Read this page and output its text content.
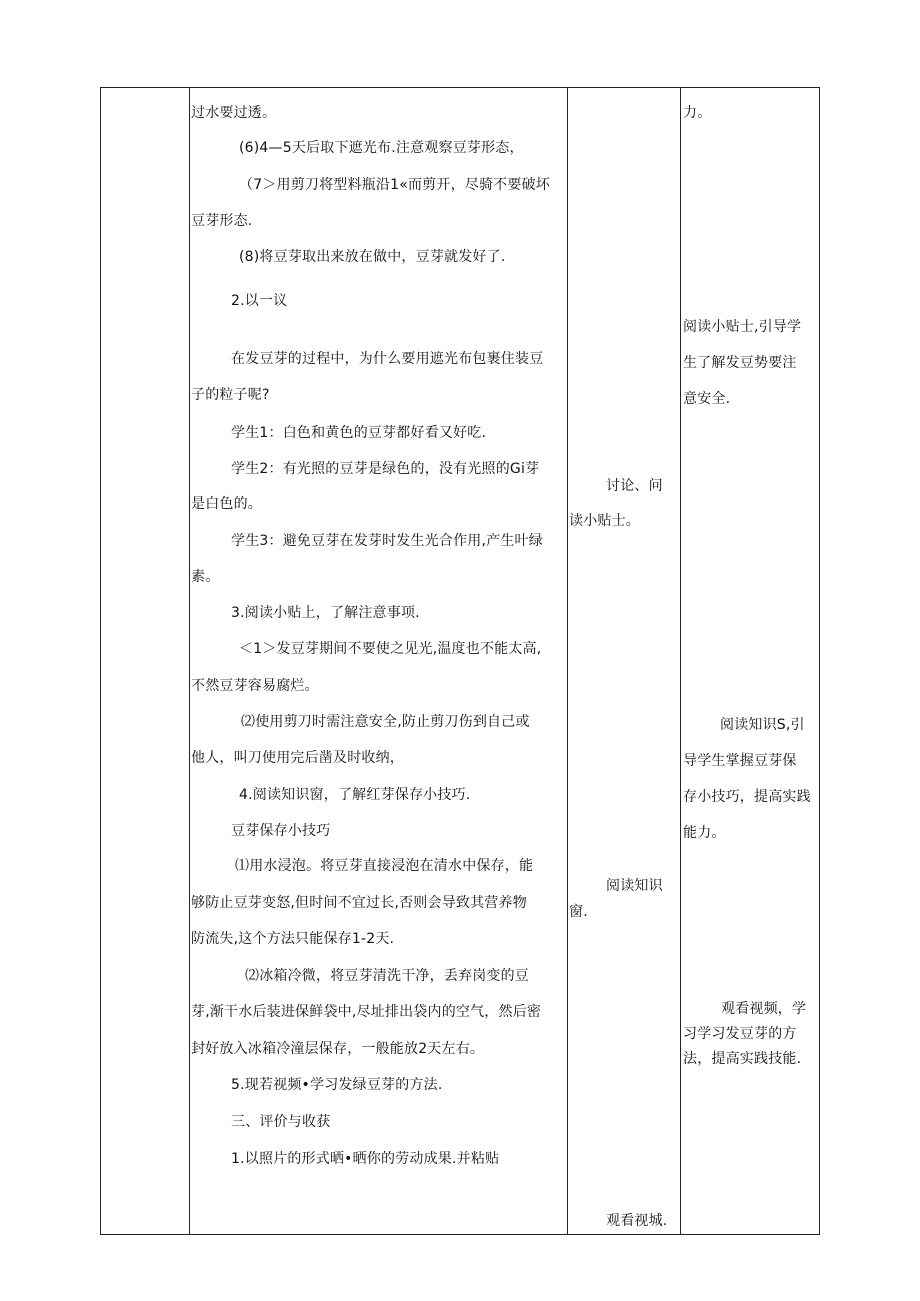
过水要过透。
(6)4—5天后取下遮光布.注意观察豆芽形态，
（7＞用剪刀将型料瓶沿1«而剪开，尽骑不要破坏
豆芽形态.
(8)将豆芽取出来放在做中，豆芽就发好了.
2.以一议
在发豆芽的过程中，为什么要用遮光布包裹住装豆
子的粒子呢?
学生1：白色和黄色的豆芽都好看又好吃.
学生2：有光照的豆芽是绿色的，没有光照的Gi芽
是白色的。
学生3：避免豆芽在发芽时发生光合作用,产生叶绿
素。
3.阅读小贴上，了解注意事项.
＜1＞发豆芽期间不要使之见光,温度也不能太高,
不然豆芽容易腐烂。
⑵使用剪刀时需注意安全,防止剪刀伤到自己或
他人，叫刀使用完后凿及时收纳，
4.阅读知识窗，了解红芽保存小技巧.
豆芽保存小技巧
⑴用水浸泡。将豆芽直接浸泡在清水中保存，能
够防止豆芽变怒,但时间不宜过长,否则会导致其营养物
防流失,这个方法只能保存1-2天.
⑵冰箱冷微，将豆芽清洗干净，丢弃岗变的豆
芽,渐干水后装进保鲜袋中,尽址排出袋内的空气，然后密
封好放入冰箱冷潼层保存，一般能放2天左右。
5.现若视频•学习发绿豆芽的方法.
三、评价与收获
1.以照片的形式晒•晒你的劳动成果.并粘贴
讨论、问
读小贴士。
阅读知识
窗.
观看视城.
力。
阅读小贴士,引导学
生了解发豆势要注
意安全.
阅读知识S,引
导学生掌握豆芽保
存小技巧，提高实践
能力。
观看视频，学
习学习发豆芽的方
法，提高实践技能.
